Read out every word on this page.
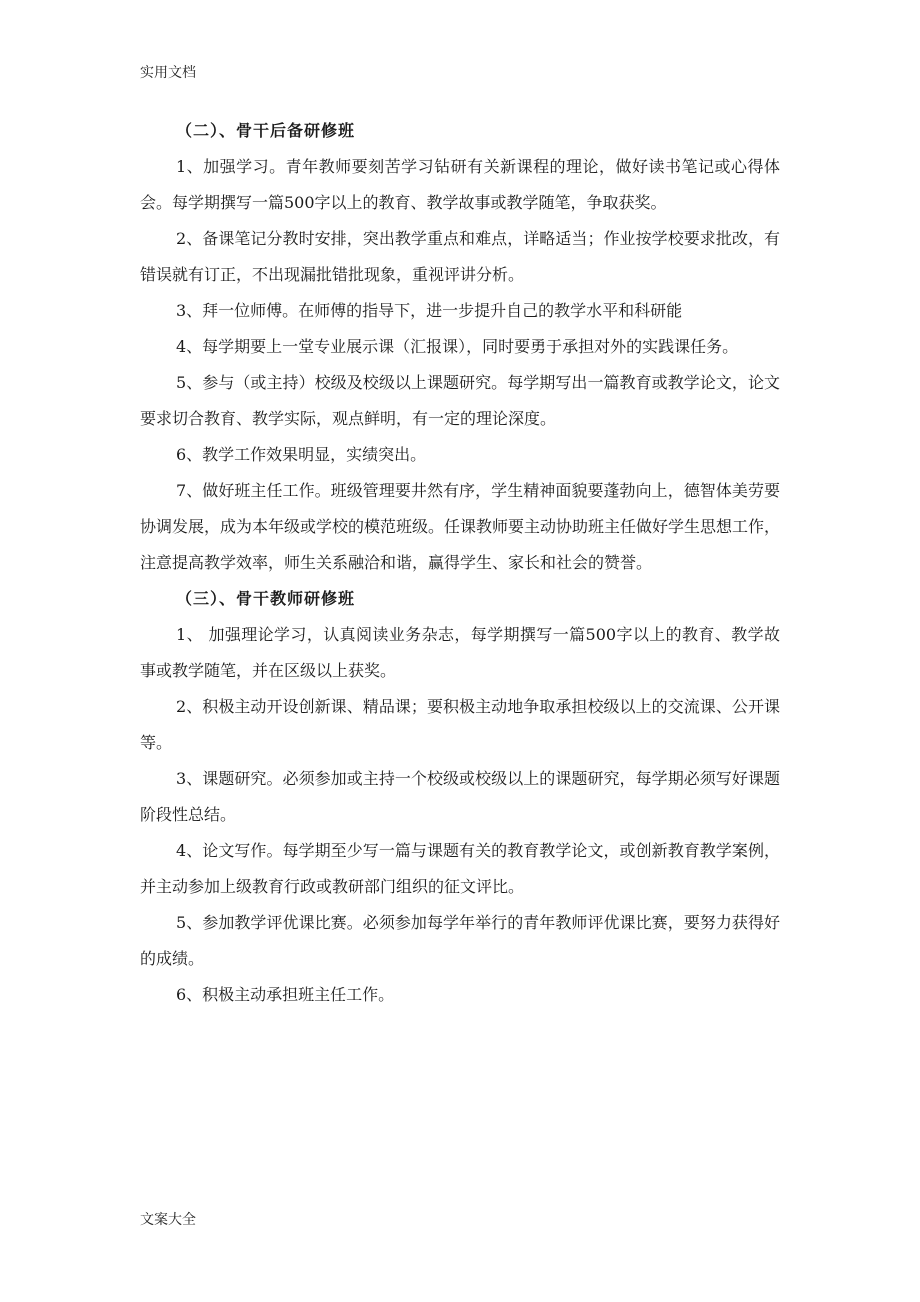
实用文档
（二）、骨干后备研修班

1、加强学习。青年教师要刻苦学习钻研有关新课程的理论，做好读书笔记或心得体会。每学期撰写一篇500字以上的教育、教学故事或教学随笔，争取获奖。

2、备课笔记分教时安排，突出教学重点和难点，详略适当；作业按学校要求批改，有错误就有订正，不出现漏批错批现象，重视评讲分析。

3、拜一位师傅。在师傅的指导下，进一步提升自己的教学水平和科研能

4、每学期要上一堂专业展示课（汇报课），同时要勇于承担对外的实践课任务。

5、参与（或主持）校级及校级以上课题研究。每学期写出一篇教育或教学论文，论文要求切合教育、教学实际，观点鲜明，有一定的理论深度。

6、教学工作效果明显，实绩突出。

7、做好班主任工作。班级管理要井然有序，学生精神面貌要蓬勃向上，德智体美劳要协调发展，成为本年级或学校的模范班级。任课教师要主动协助班主任做好学生思想工作，注意提高教学效率，师生关系融洽和谐，赢得学生、家长和社会的赞誉。

（三）、骨干教师研修班

1、 加强理论学习，认真阅读业务杂志，每学期撰写一篇500字以上的教育、教学故事或教学随笔，并在区级以上获奖。

2、积极主动开设创新课、精品课；要积极主动地争取承担校级以上的交流课、公开课等。

3、课题研究。必须参加或主持一个校级或校级以上的课题研究，每学期必须写好课题阶段性总结。

4、论文写作。每学期至少写一篇与课题有关的教育教学论文，或创新教育教学案例，并主动参加上级教育行政或教研部门组织的征文评比。

5、参加教学评优课比赛。必须参加每学年举行的青年教师评优课比赛，要努力获得好的成绩。

6、积极主动承担班主任工作。

文案大全
